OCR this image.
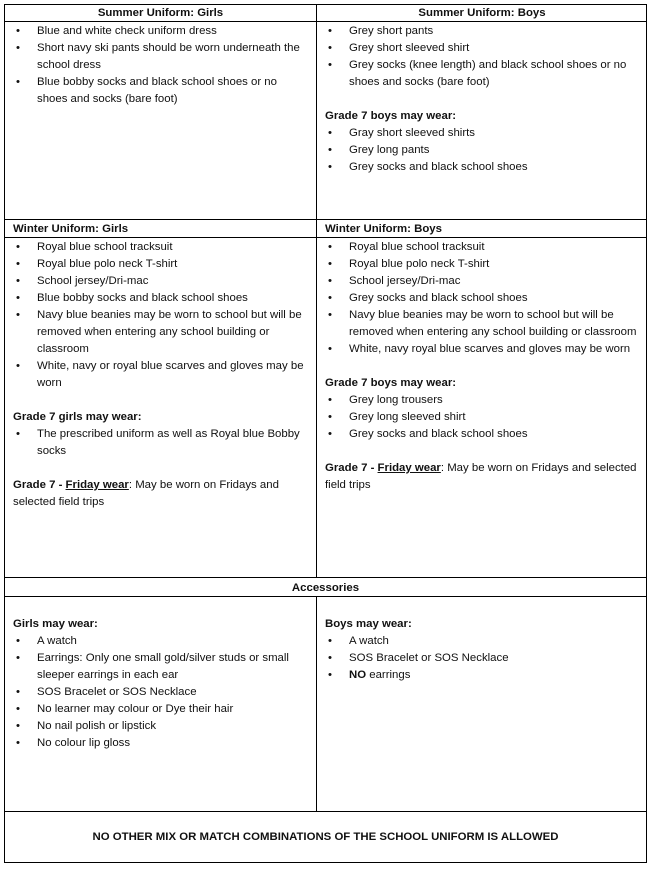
Summer Uniform: Girls	Summer Uniform: Boys
• Blue and white check uniform dress
• Short navy ski pants should be worn underneath the school dress
• Blue bobby socks and black school shoes or no shoes and socks (bare foot)
• Grey short pants
• Grey short sleeved shirt
• Grey socks (knee length) and black school shoes or no shoes and socks (bare foot)
Grade 7 boys may wear:
• Gray short sleeved shirts
• Grey long pants
• Grey socks and black school shoes
Winter Uniform: Girls	Winter Uniform: Boys
• Royal blue school tracksuit
• Royal blue polo neck T-shirt
• School jersey/Dri-mac
• Blue bobby socks and black school shoes
• Navy blue beanies may be worn to school but will be removed when entering any school building or classroom
• White, navy or royal blue scarves and gloves may be worn
Grade 7 girls may wear:
• The prescribed uniform as well as Royal blue Bobby socks
Grade 7 - Friday wear: May be worn on Fridays and selected field trips
• Royal blue school tracksuit
• Royal blue polo neck T-shirt
• School jersey/Dri-mac
• Grey socks and black school shoes
• Navy blue beanies may be worn to school but will be removed when entering any school building or classroom
• White, navy royal blue scarves and gloves may be worn
Grade 7 boys may wear:
• Grey long trousers
• Grey long sleeved shirt
• Grey socks and black school shoes
Grade 7 - Friday wear: May be worn on Fridays and selected field trips
Accessories
Girls may wear:
• A watch
• Earrings: Only one small gold/silver studs or small sleeper earrings in each ear
• SOS Bracelet or SOS Necklace
• No learner may colour or Dye their hair
• No nail polish or lipstick
• No colour lip gloss
Boys may wear:
• A watch
• SOS Bracelet or SOS Necklace
• NO earrings
NO OTHER MIX OR MATCH COMBINATIONS OF THE SCHOOL UNIFORM IS ALLOWED
